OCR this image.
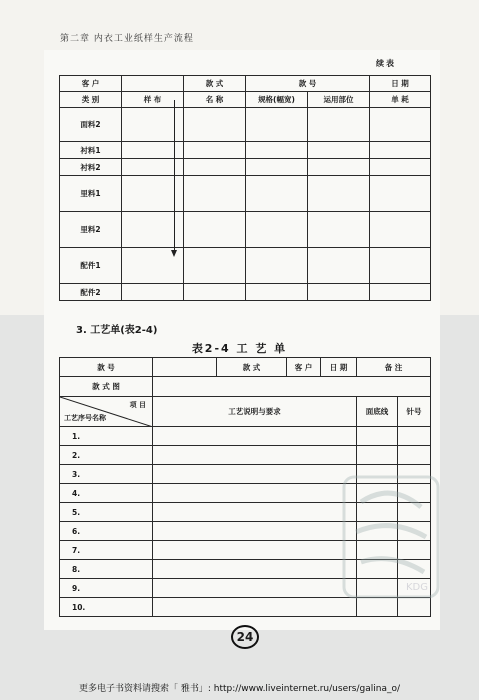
第二章 内衣工业纸样生产流程
续表
客 户		款 式	款 号		日 期
类 别	样 布	名 称	规格(幅宽)	运用部位	单 耗
面料2					
衬料1					
衬料2					
里料1					
里料2					
配件1					
配件2					
3. 工艺单(表2-4)
表2-4 工 艺 单
款 号		款 式	客 户	日 期	备 注	
款 式 图						

项 目
工艺序号名称	工艺说明与要求				面底线	针号
1.						
2.						
3.						
4.						
5.						
6.						
7.						
8.						
9.						
10.						
KDG
24
更多电子书资料请搜索「 雅书」: http://www.liveinternet.ru/users/galina_o/
